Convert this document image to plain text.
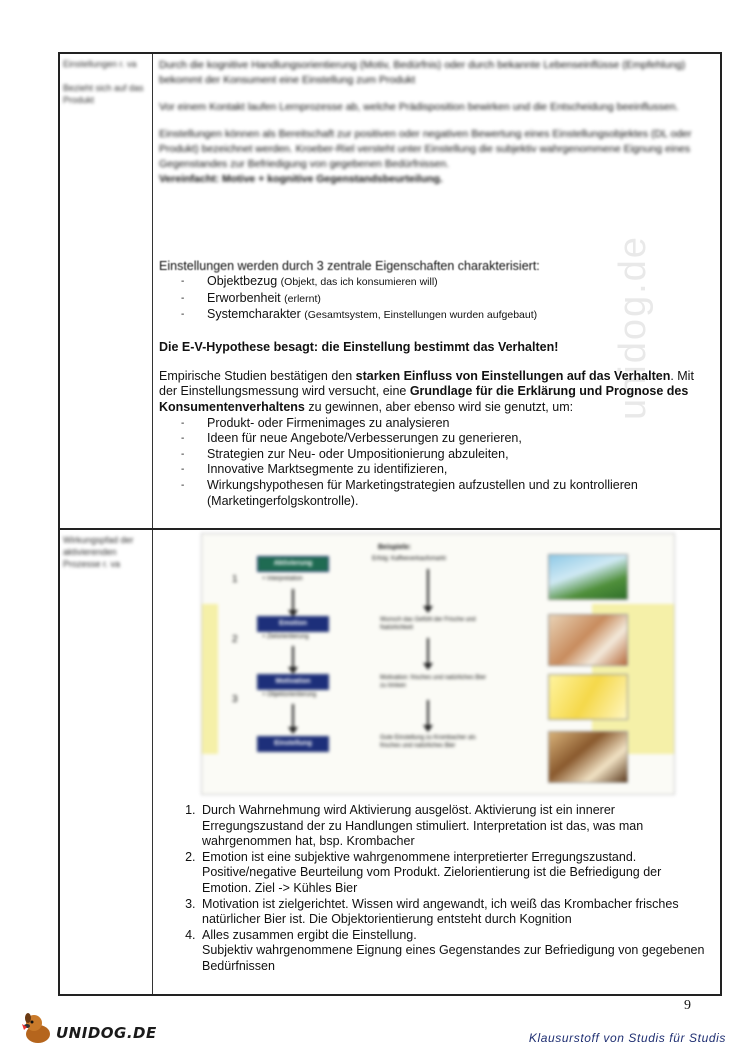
unidog.de
Einstellungen r. va

Bezieht sich auf das Produkt
Durch die kognitive Handlungsorientierung (Motiv, Bedürfnis) oder durch bekannte Lebenseinflüsse (Empfehlung) bekommt der Konsument eine Einstellung zum Produkt
Vor einem Kontakt laufen Lernprozesse ab, welche Prädisposition bewirken und die Entscheidung beeinflussen.
Einstellungen können als Bereitschaft zur positiven oder negativen Bewertung eines Einstellungsobjektes (DL oder Produkt) bezeichnet werden. Kroeber-Riel versteht unter Einstellung die subjektiv wahrgenommene Eignung eines Gegenstandes zur Befriedigung von gegebenen Bedürfnissen.
Vereinfacht: Motive + kognitive Gegenstandsbeurteilung.
Einstellungen werden durch 3 zentrale Eigenschaften charakterisiert:
- Objektbezug (Objekt, das ich konsumieren will)
- Erworbenheit (erlernt)
- Systemcharakter (Gesamtsystem, Einstellungen wurden aufgebaut)
Die E-V-Hypothese besagt: die Einstellung bestimmt das Verhalten!
Empirische Studien bestätigen den starken Einfluss von Einstellungen auf das Verhalten. Mit der Einstellungsmessung wird versucht, eine Grundlage für die Erklärung und Prognose des Konsumentenverhaltens zu gewinnen, aber ebenso wird sie genutzt, um:
- Produkt- oder Firmenimages zu analysieren
- Ideen für neue Angebote/Verbesserungen zu generieren,
- Strategien zur Neu- oder Umpositionierung abzuleiten,
- Innovative Marktsegmente zu identifizieren,
- Wirkungshypothesen für Marketingstrategien aufzustellen und zu kontrollieren (Marketingerfolgskontrolle).
Wirkungspfad der aktivierenden Prozesse r. va
Beispiele:
Erfolg: Kaffeeverkaufsmarkt
1
Aktivierung
+ Interpretation
2
Emotion
+ Zielorientierung
Wunsch das Gefühl der Frische und Natürlichkeit
3
Motivation
+ Objektorientierung
Motivation: frisches und natürliches Bier zu trinken
Einstellung
Gute Einstellung zu Krombacher als frisches und natürliches Bier
1. Durch Wahrnehmung wird Aktivierung ausgelöst. Aktivierung ist ein innerer Erregungszustand der zu Handlungen stimuliert. Interpretation ist das, was man wahrgenommen hat, bsp. Krombacher
2. Emotion ist eine subjektive wahrgenommene interpretierter Erregungszustand. Positive/negative Beurteilung vom Produkt. Zielorientierung ist die Befriedigung der Emotion. Ziel -> Kühles Bier
3. Motivation ist zielgerichtet. Wissen wird angewandt, ich weiß das Krombacher frisches natürlicher Bier ist. Die Objektorientierung entsteht durch Kognition
4. Alles zusammen ergibt die Einstellung.
Subjektiv wahrgenommene Eignung eines Gegenstandes zur Befriedigung von gegebenen Bedürfnissen
9
UNIDOG.DE	Klausurstoff von Studis für Studis
